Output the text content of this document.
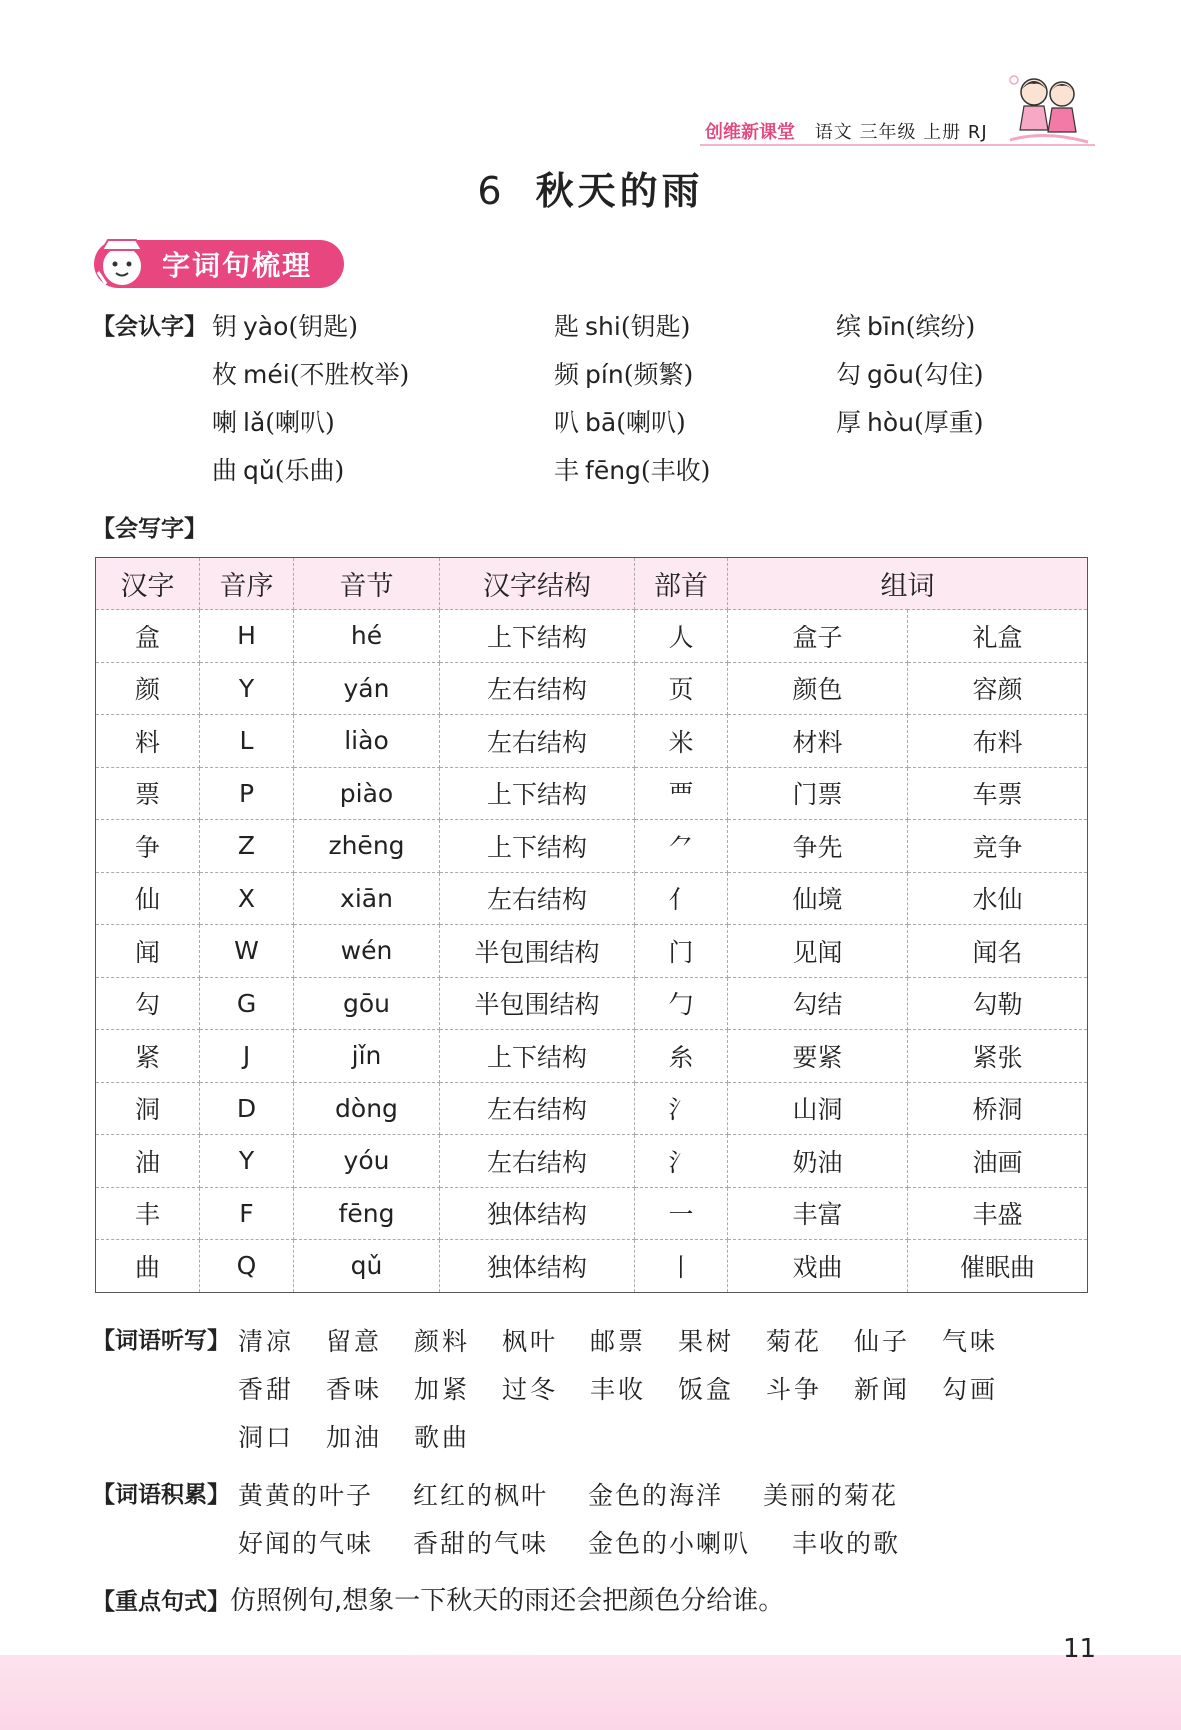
创维新课堂 语文 三年级 上册 RJ
6 秋天的雨
字词句梳理
【会认字】 钥 yào(钥匙)	匙 shi(钥匙)	缤 bīn(缤纷)
枚 méi(不胜枚举)	频 pín(频繁)	勾 gōu(勾住)
喇 lǎ(喇叭)	叭 bā(喇叭)	厚 hòu(厚重)
曲 qǔ(乐曲)	丰 fēng(丰收)
【会写字】
汉字	音序	音节	汉字结构	部首	组词	
盒	H	hé	上下结构	人	盒子	礼盒
颜	Y	yán	左右结构	页	颜色	容颜
料	L	liào	左右结构	米	材料	布料
票	P	piào	上下结构	覀	门票	车票
争	Z	zhēng	上下结构	⺈	争先	竞争
仙	X	xiān	左右结构	亻	仙境	水仙
闻	W	wén	半包围结构	门	见闻	闻名
勾	G	gōu	半包围结构	勹	勾结	勾勒
紧	J	jǐn	上下结构	糸	要紧	紧张
洞	D	dòng	左右结构	氵	山洞	桥洞
油	Y	yóu	左右结构	氵	奶油	油画
丰	F	fēng	独体结构	一	丰富	丰盛
曲	Q	qǔ	独体结构	丨	戏曲	催眠曲
【词语听写】 清凉 留意 颜料 枫叶 邮票 果树 菊花 仙子 气味
香甜 香味 加紧 过冬 丰收 饭盒 斗争 新闻 勾画
洞口 加油 歌曲
【词语积累】 黄黄的叶子 红红的枫叶 金色的海洋 美丽的菊花
好闻的气味 香甜的气味 金色的小喇叭 丰收的歌
【重点句式】仿照例句,想象一下秋天的雨还会把颜色分给谁。
11
